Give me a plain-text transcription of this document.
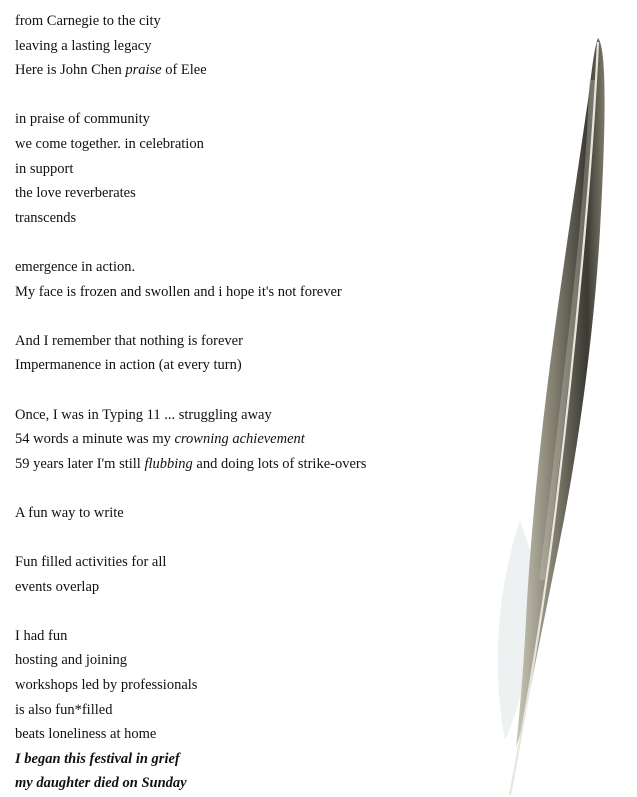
from Carnegie to the city
leaving a lasting legacy
Here is John Chen praise of Elee
in praise of community
we come together. in celebration
in support
the love reverberates
transcends
emergence in action.
My face is frozen and swollen and i hope it's not forever
And I remember that nothing is forever
Impermanence in action (at every turn)
Once, I was in Typing 11 ... struggling away
54 words a minute was my crowning achievement
59 years later I'm still flubbing and doing lots of strike-overs
A fun way to write
Fun filled activities for all
events overlap
I had fun
hosting and joining
workshops led by professionals
is also fun*filled
beats loneliness at home
I began this festival in grief
my daughter died on Sunday
